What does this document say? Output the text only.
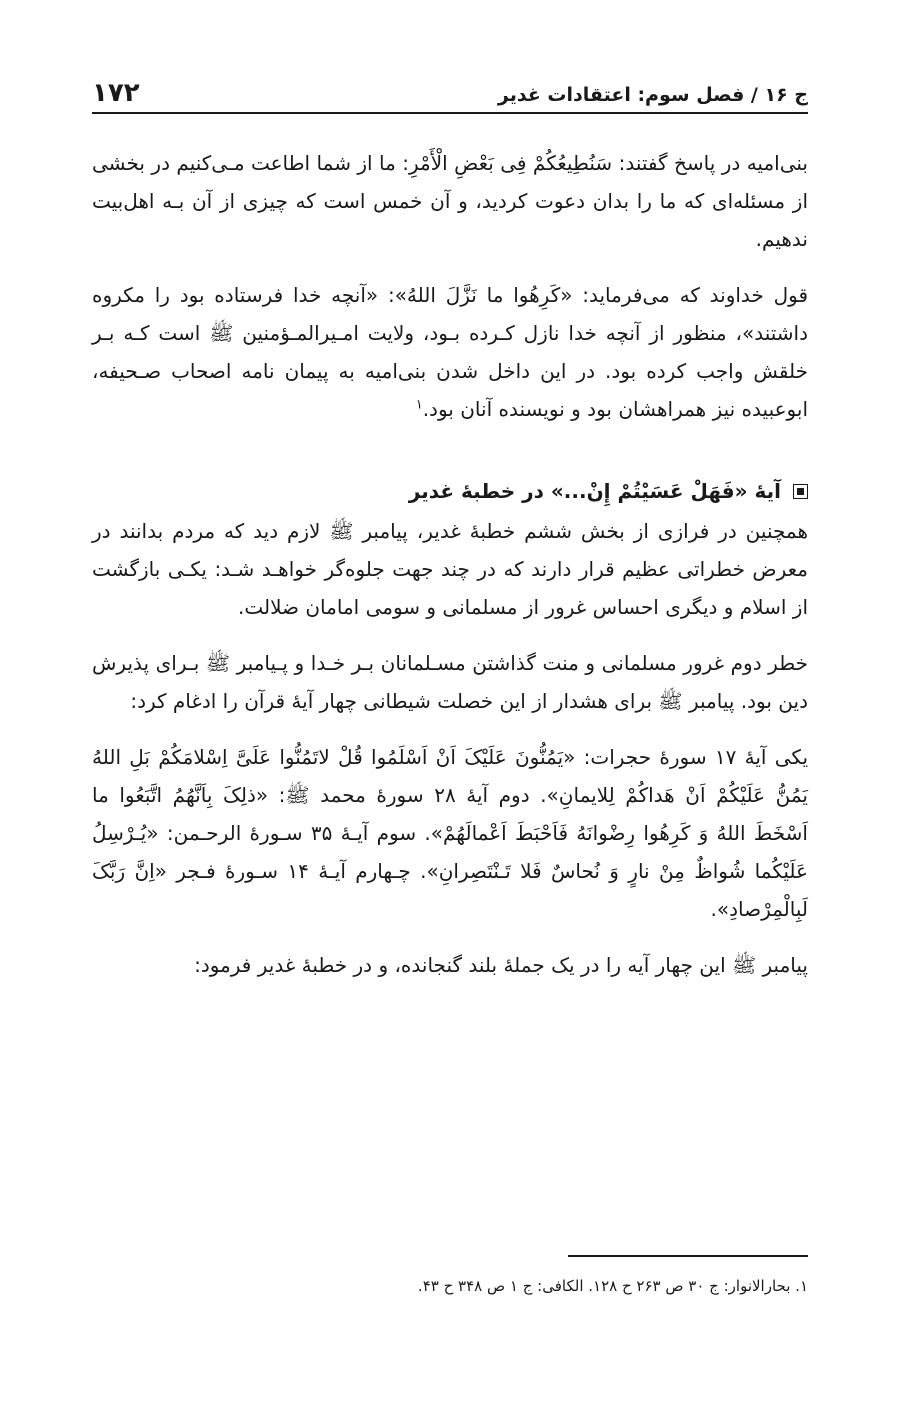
ج ۱۶ / فصل سوم: اعتقادات غدیر
۱۷۲

بنی‌امیه در پاسخ گفتند: سَنُطِیعُکُمْ فِی بَعْضِ الْأَمْرِ: ما از شما اطاعت مـی‌کنیم در بخشی از مسئله‌ای که ما را بدان دعوت کردید، و آن خمس است که چیزی از آن بـه اهل‌بیت ندهیم.

قول خداوند که می‌فرماید: «کَرِهُوا ما نَزَّلَ اللهُ»: «آنچه خدا فرستاده بود را مکروه داشتند»، منظور از آنچه خدا نازل کـرده بـود، ولایت امـیرالمـؤمنین ﷺ است کـه بـر خلقش واجب کرده بود. در این داخل شدن بنی‌امیه به پیمان نامه اصحاب صـحیفه، ابوعبیده نیز همراهشان بود و نویسنده آنان بود.$^۱$

آیهٔ «فَهَلْ عَسَیْتُمْ إِنْ...» در خطبهٔ غدیر

همچنین در فرازی از بخش ششم خطبهٔ غدیر، پیامبر ﷺ لازم دید که مردم بدانند در معرض خطراتی عظیم قرار دارند که در چند جهت جلوه‌گر خواهـد شـد: یکـی بازگشت از اسلام و دیگری احساس غرور از مسلمانی و سومی امامان ضلالت.

خطر دوم غرور مسلمانی و منت گذاشتن مسـلمانان بـر خـدا و پـیامبر ﷺ بـرای پذیرش دین بود. پیامبر ﷺ برای هشدار از این خصلت شیطانی چهار آیهٔ قرآن را ادغام کرد:

یکی آیهٔ ۱۷ سورهٔ حجرات: «یَمُنُّونَ عَلَیْکَ اَنْ اَسْلَمُوا قُلْ لاتَمُنُّوا عَلَیَّ اِسْلامَکُمْ بَلِ اللهُ یَمُنُّ عَلَیْکُمْ اَنْ هَداکُمْ لِلایمانِ». دوم آیهٔ ۲۸ سورهٔ محمد ﷺ: «ذلِکَ بِاَنَّهُمُ اتَّبَعُوا ما اَسْخَطَ اللهُ وَ کَرِهُوا رِضْوانَهُ فَاَحْبَطَ اَعْمالَهُمْ». سوم آیـهٔ ۳۵ سـورهٔ الرحـمن: «یُـرْسِلُ عَلَیْکُما شُواظٌ مِنْ نارٍ وَ نُحاسٌ فَلا تَـنْتَصِرانِ». چـهارم آیـهٔ ۱۴ سـورهٔ فـجر «اِنَّ رَبَّکَ لَبِالْمِرْصادِ».

پیامبر ﷺ این چهار آیه را در یک جملهٔ بلند گنجانده، و در خطبهٔ غدیر فرمود:

۱. بحارالانوار: ج ۳۰ ص ۲۶۳ ح ۱۲۸. الکافی: ج ۱ ص ۳۴۸ ح ۴۳.
